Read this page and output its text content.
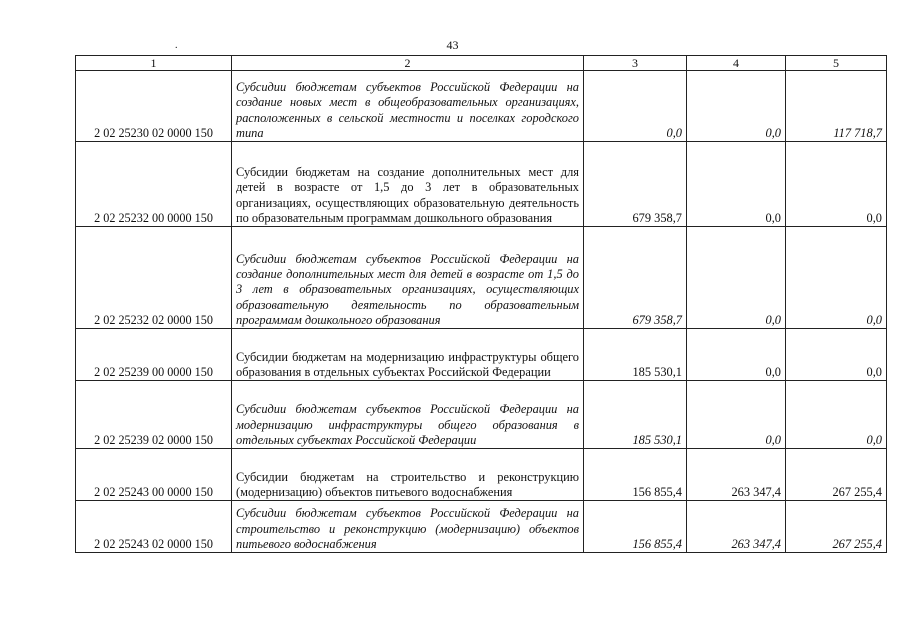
43
.
1	2	3	4	5
2 02 25230 02 0000 150	Субсидии бюджетам субъектов Российской Федерации на создание новых мест в общеобразовательных организациях, расположенных в сельской местности и поселках городского типа	0,0	0,0	117 718,7
2 02 25232 00 0000 150	Субсидии бюджетам на создание дополнительных мест для детей в возрасте от 1,5 до 3 лет в образовательных организациях, осуществляющих образовательную деятельность по образовательным программам дошкольного образования	679 358,7	0,0	0,0
2 02 25232 02 0000 150	Субсидии бюджетам субъектов Российской Федерации на создание дополнительных мест для детей в возрасте от 1,5 до 3 лет в образовательных организациях, осуществляющих образовательную деятельность по образовательным программам дошкольного образования	679 358,7	0,0	0,0
2 02 25239 00 0000 150	Субсидии бюджетам на модернизацию инфраструктуры общего образования в отдельных субъектах Российской Федерации	185 530,1	0,0	0,0
2 02 25239 02 0000 150	Субсидии бюджетам субъектов Российской Федерации на модернизацию инфраструктуры общего образования в отдельных субъектах Российской Федерации	185 530,1	0,0	0,0
2 02 25243 00 0000 150	Субсидии бюджетам на строительство и реконструкцию (модернизацию) объектов питьевого водоснабжения	156 855,4	263 347,4	267 255,4
2 02 25243 02 0000 150	Субсидии бюджетам субъектов Российской Федерации на строительство и реконструкцию (модернизацию) объектов питьевого водоснабжения	156 855,4	263 347,4	267 255,4
